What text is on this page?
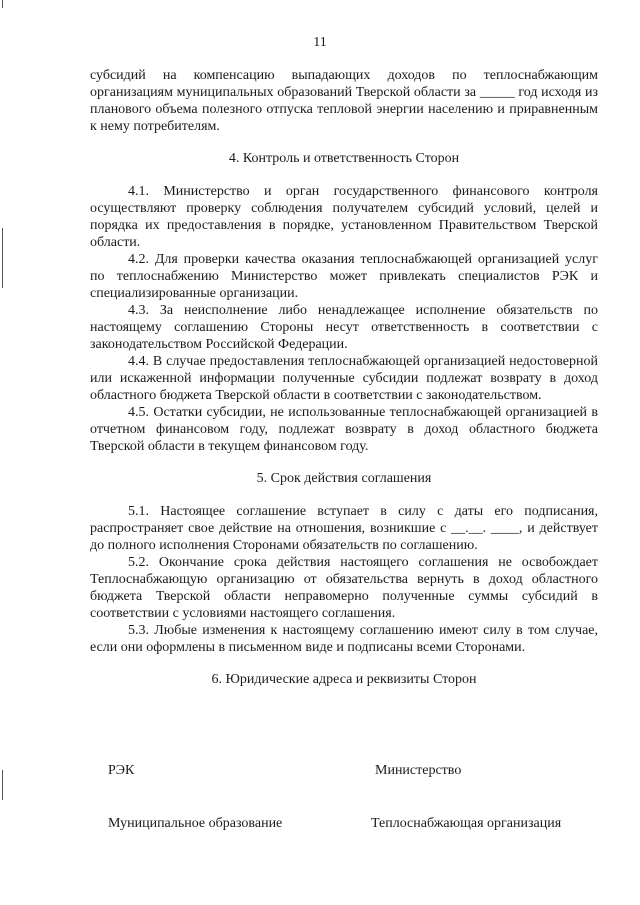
11

субсидий на компенсацию выпадающих доходов по теплоснабжающим организациям муниципальных образований Тверской области за _____ год исходя из планового объема полезного отпуска тепловой энергии населению и приравненным к нему потребителям.

4. Контроль и ответственность Сторон

4.1. Министерство и орган государственного финансового контроля осуществляют проверку соблюдения получателем субсидий условий, целей и порядка их предоставления в порядке, установленном Правительством Тверской области.

4.2. Для проверки качества оказания теплоснабжающей организацией услуг по теплоснабжению Министерство может привлекать специалистов РЭК и специализированные организации.

4.3. За неисполнение либо ненадлежащее исполнение обязательств по настоящему соглашению Стороны несут ответственность в соответствии с законодательством Российской Федерации.

4.4. В случае предоставления теплоснабжающей организацией недостоверной или искаженной информации полученные субсидии подлежат возврату в доход областного бюджета Тверской области в соответствии с законодательством.

4.5. Остатки субсидии, не использованные теплоснабжающей организацией в отчетном финансовом году, подлежат возврату в доход областного бюджета Тверской области в текущем финансовом году.

5. Срок действия соглашения

5.1. Настоящее соглашение вступает в силу с даты его подписания, распространяет свое действие на отношения, возникшие с __.__. ____, и действует до полного исполнения Сторонами обязательств по соглашению.

5.2. Окончание срока действия настоящего соглашения не освобождает Теплоснабжающую организацию от обязательства вернуть в доход областного бюджета Тверской области неправомерно полученные суммы субсидий в соответствии с условиями настоящего соглашения.

5.3. Любые изменения к настоящему соглашению имеют силу в том случае, если они оформлены в письменном виде и подписаны всеми Сторонами.

6. Юридические адреса и реквизиты Сторон

РЭК	Министерство
Муниципальное образование	Теплоснабжающая организация
